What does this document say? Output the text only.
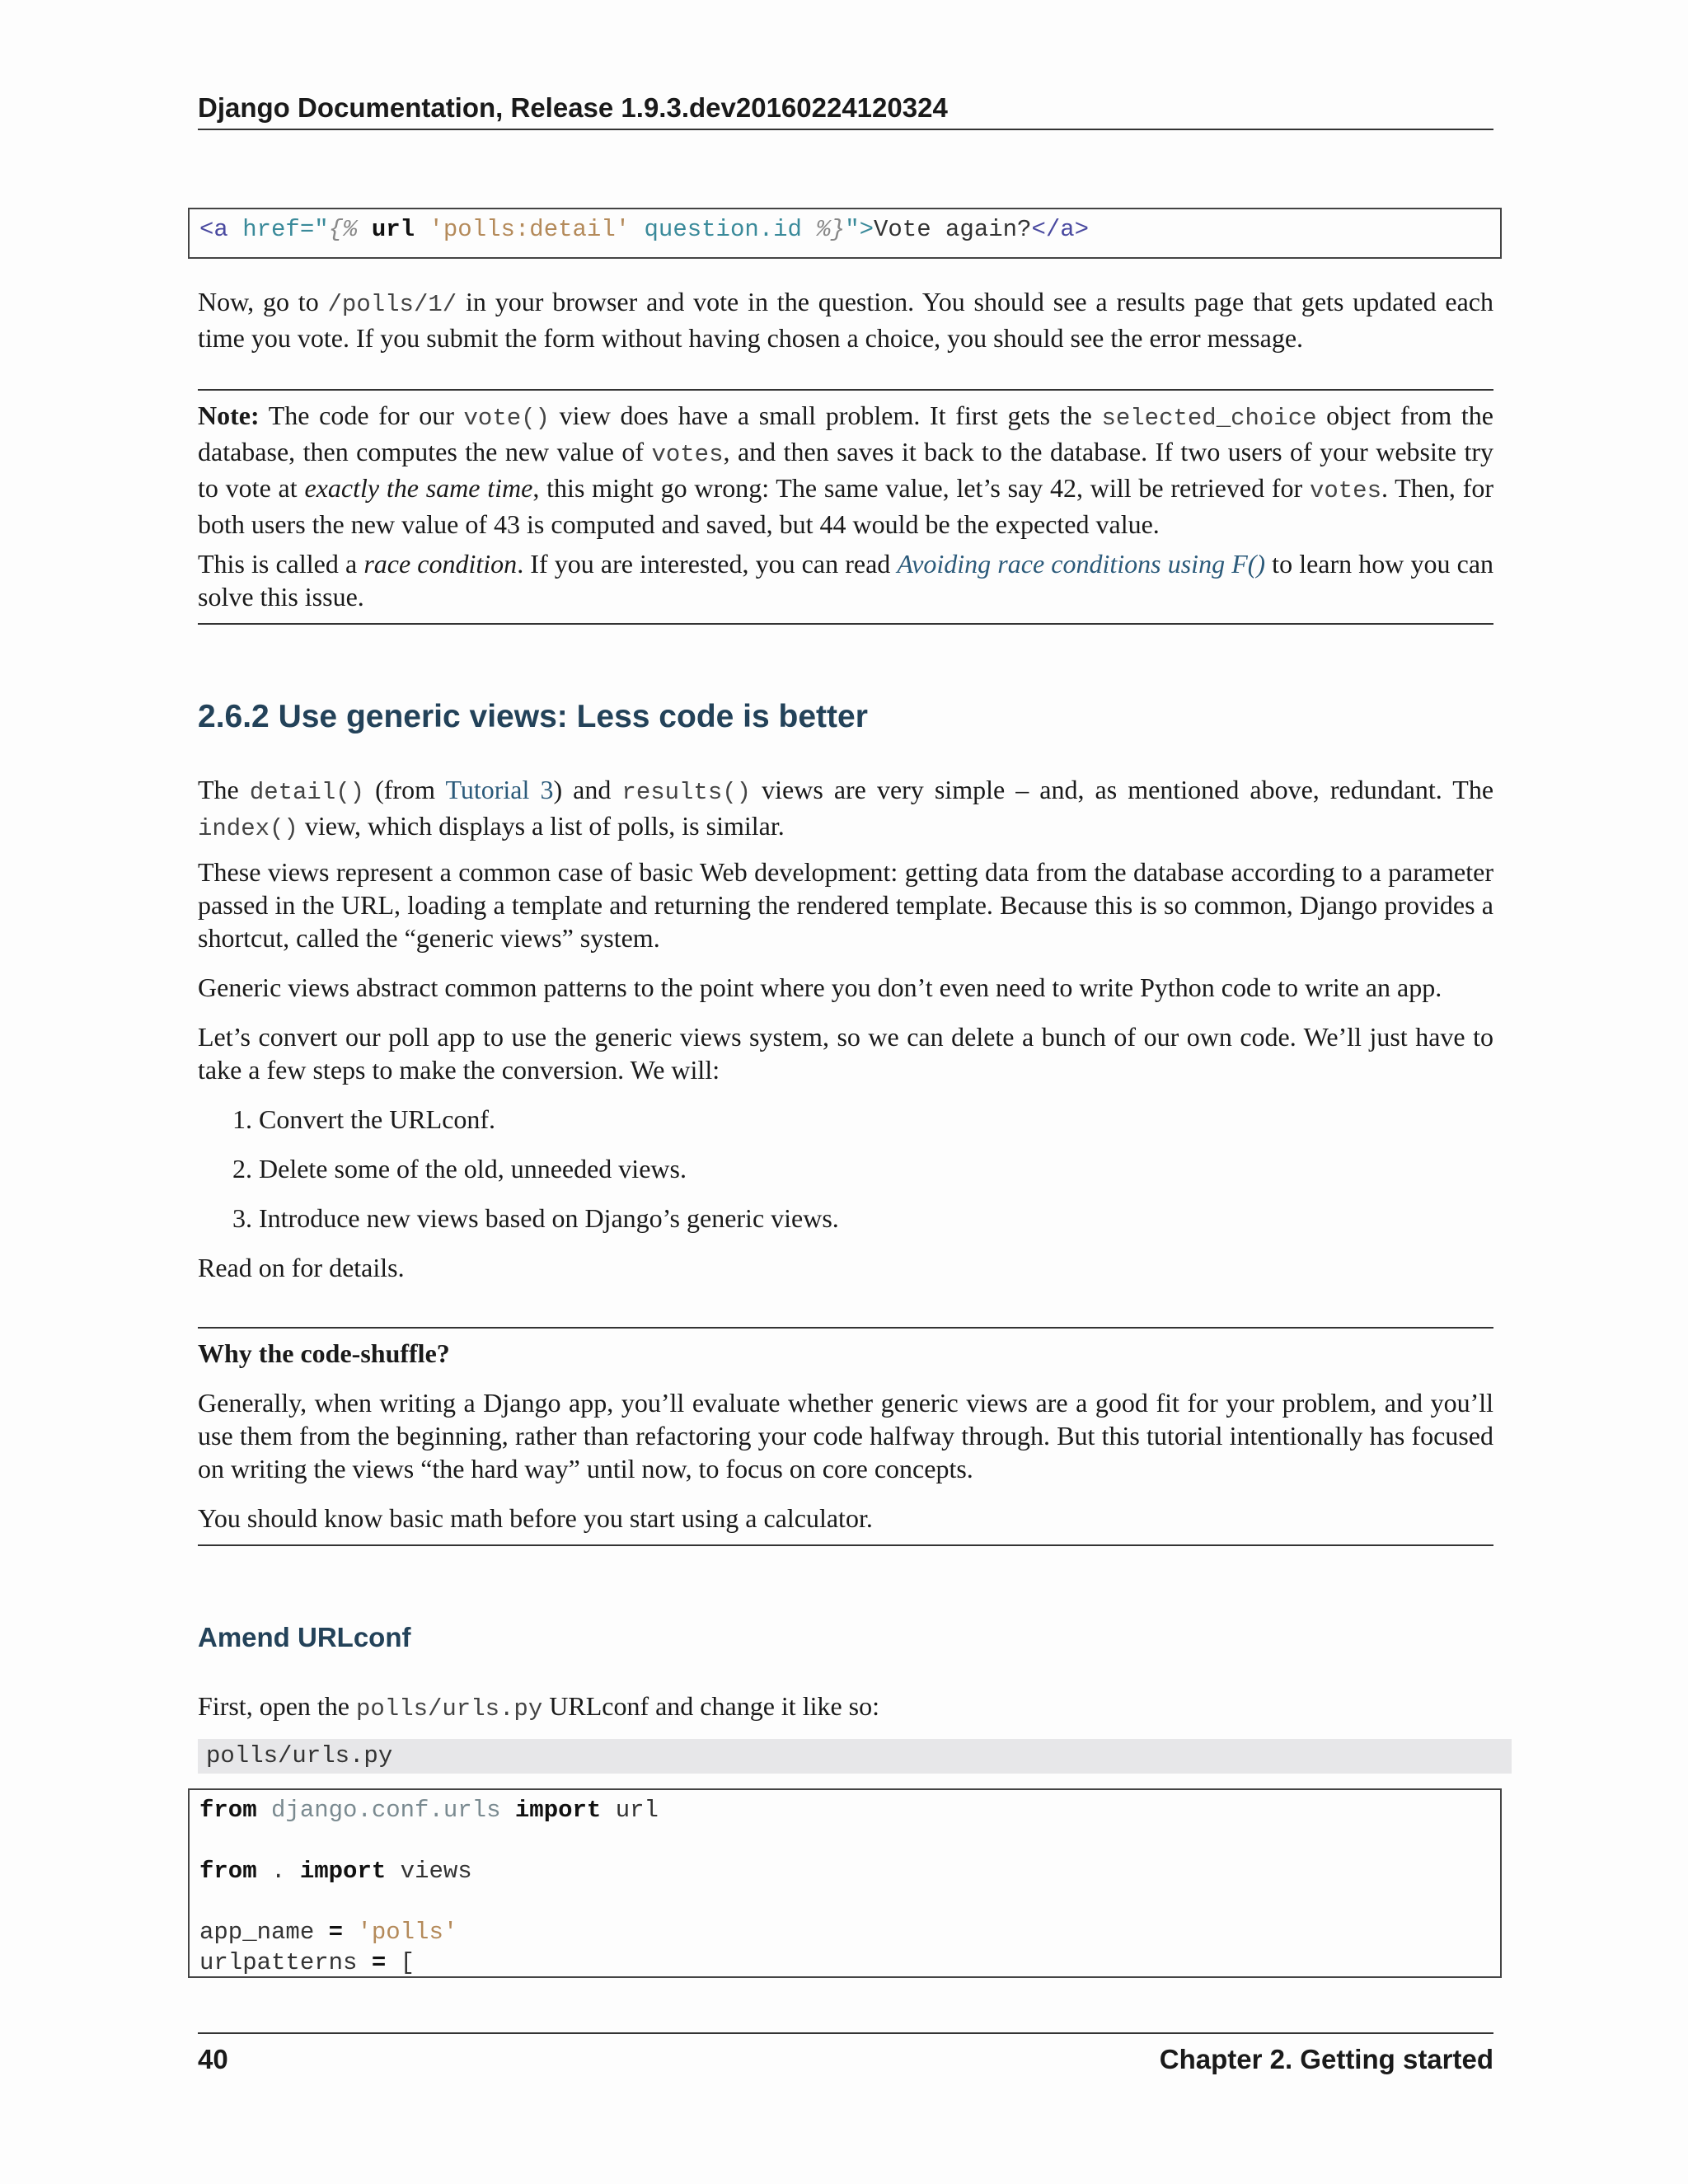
Django Documentation, Release 1.9.3.dev20160224120324
<a href="{% url 'polls:detail' question.id %}">Vote again?</a>
Now, go to /polls/1/ in your browser and vote in the question. You should see a results page that gets updated each time you vote. If you submit the form without having chosen a choice, you should see the error message.
Note: The code for our vote() view does have a small problem. It first gets the selected_choice object from the database, then computes the new value of votes, and then saves it back to the database. If two users of your website try to vote at exactly the same time, this might go wrong: The same value, let’s say 42, will be retrieved for votes. Then, for both users the new value of 43 is computed and saved, but 44 would be the expected value.
This is called a race condition. If you are interested, you can read Avoiding race conditions using F() to learn how you can solve this issue.
2.6.2 Use generic views: Less code is better
The detail() (from Tutorial 3) and results() views are very simple – and, as mentioned above, redundant. The index() view, which displays a list of polls, is similar.
These views represent a common case of basic Web development: getting data from the database according to a parameter passed in the URL, loading a template and returning the rendered template. Because this is so common, Django provides a shortcut, called the “generic views” system.
Generic views abstract common patterns to the point where you don’t even need to write Python code to write an app.
Let’s convert our poll app to use the generic views system, so we can delete a bunch of our own code. We’ll just have to take a few steps to make the conversion. We will:
1. Convert the URLconf.
2. Delete some of the old, unneeded views.
3. Introduce new views based on Django’s generic views.
Read on for details.
Why the code-shuffle?
Generally, when writing a Django app, you’ll evaluate whether generic views are a good fit for your problem, and you’ll use them from the beginning, rather than refactoring your code halfway through. But this tutorial intentionally has focused on writing the views “the hard way” until now, to focus on core concepts.
You should know basic math before you start using a calculator.
Amend URLconf
First, open the polls/urls.py URLconf and change it like so:
polls/urls.py
from django.conf.urls import url

from . import views

app_name = 'polls'
urlpatterns = [
40	Chapter 2. Getting started
